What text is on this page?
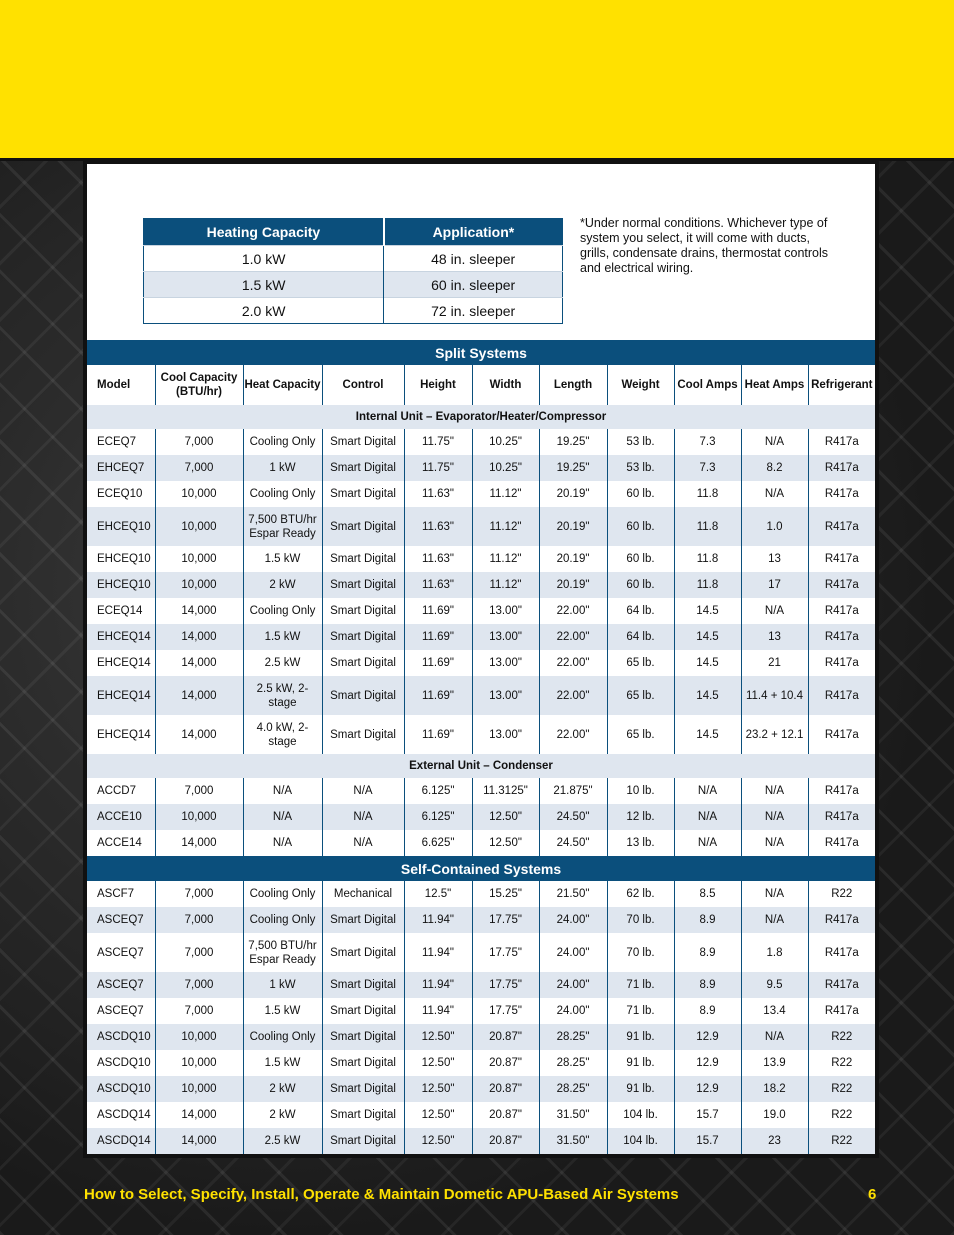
Heating Capacity	Application*
1.0 kW	48 in. sleeper
1.5 kW	60 in. sleeper
2.0 kW	72 in. sleeper
*Under normal conditions. Whichever type of system you select, it will come with ducts, grills, condensate drains, thermostat controls and electrical wiring.
Split Systems										
Model	Cool Capacity (BTU/hr)	Heat Capacity	Control	Height	Width	Length	Weight	Cool Amps	Heat Amps	Refrigerant
Internal Unit – Evaporator/Heater/Compressor										
ECEQ7	7,000	Cooling Only	Smart Digital	11.75"	10.25"	19.25"	53 lb.	7.3	N/A	R417a
EHCEQ7	7,000	1 kW	Smart Digital	11.75"	10.25"	19.25"	53 lb.	7.3	8.2	R417a
ECEQ10	10,000	Cooling Only	Smart Digital	11.63"	11.12"	20.19"	60 lb.	11.8	N/A	R417a
EHCEQ10	10,000	7,500 BTU/hr Espar Ready	Smart Digital	11.63"	11.12"	20.19"	60 lb.	11.8	1.0	R417a
EHCEQ10	10,000	1.5 kW	Smart Digital	11.63"	11.12"	20.19"	60 lb.	11.8	13	R417a
EHCEQ10	10,000	2 kW	Smart Digital	11.63"	11.12"	20.19"	60 lb.	11.8	17	R417a
ECEQ14	14,000	Cooling Only	Smart Digital	11.69"	13.00"	22.00"	64 lb.	14.5	N/A	R417a
EHCEQ14	14,000	1.5 kW	Smart Digital	11.69"	13.00"	22.00"	64 lb.	14.5	13	R417a
EHCEQ14	14,000	2.5 kW	Smart Digital	11.69"	13.00"	22.00"	65 lb.	14.5	21	R417a
EHCEQ14	14,000	2.5 kW, 2-stage	Smart Digital	11.69"	13.00"	22.00"	65 lb.	14.5	11.4 + 10.4	R417a
EHCEQ14	14,000	4.0 kW, 2-stage	Smart Digital	11.69"	13.00"	22.00"	65 lb.	14.5	23.2 + 12.1	R417a
External Unit – Condenser										
ACCD7	7,000	N/A	N/A	6.125"	11.3125"	21.875"	10 lb.	N/A	N/A	R417a
ACCE10	10,000	N/A	N/A	6.125"	12.50"	24.50"	12 lb.	N/A	N/A	R417a
ACCE14	14,000	N/A	N/A	6.625"	12.50"	24.50"	13 lb.	N/A	N/A	R417a
Self-Contained Systems										
ASCF7	7,000	Cooling Only	Mechanical	12.5"	15.25"	21.50"	62 lb.	8.5	N/A	R22
ASCEQ7	7,000	Cooling Only	Smart Digital	11.94"	17.75"	24.00"	70 lb.	8.9	N/A	R417a
ASCEQ7	7,000	7,500 BTU/hr Espar Ready	Smart Digital	11.94"	17.75"	24.00"	70 lb.	8.9	1.8	R417a
ASCEQ7	7,000	1 kW	Smart Digital	11.94"	17.75"	24.00"	71 lb.	8.9	9.5	R417a
ASCEQ7	7,000	1.5 kW	Smart Digital	11.94"	17.75"	24.00"	71 lb.	8.9	13.4	R417a
ASCDQ10	10,000	Cooling Only	Smart Digital	12.50"	20.87"	28.25"	91 lb.	12.9	N/A	R22
ASCDQ10	10,000	1.5 kW	Smart Digital	12.50"	20.87"	28.25"	91 lb.	12.9	13.9	R22
ASCDQ10	10,000	2 kW	Smart Digital	12.50"	20.87"	28.25"	91 lb.	12.9	18.2	R22
ASCDQ14	14,000	2 kW	Smart Digital	12.50"	20.87"	31.50"	104 lb.	15.7	19.0	R22
ASCDQ14	14,000	2.5 kW	Smart Digital	12.50"	20.87"	31.50"	104 lb.	15.7	23	R22
How to Select, Specify, Install, Operate & Maintain Dometic APU-Based Air Systems	6
